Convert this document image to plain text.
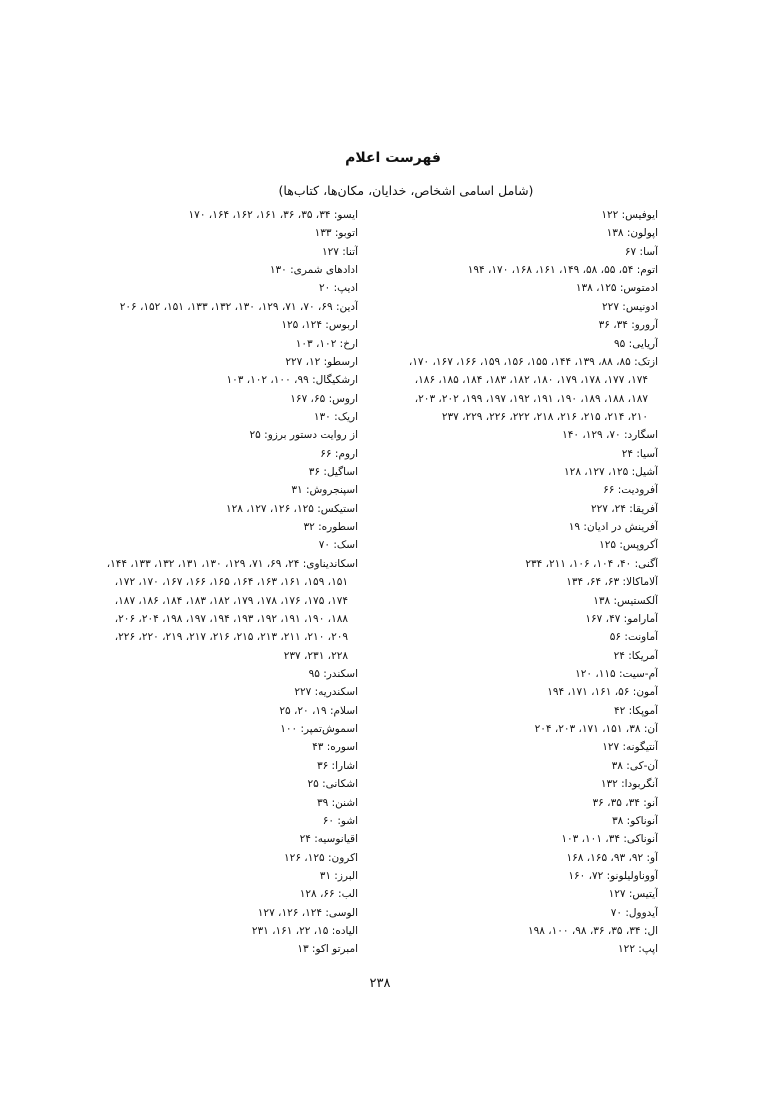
فهرست اعلام
(شامل اسامی اشخاص، خدایان، مکان‌ها، کتاب‌ها)
ایوفیس: ۱۲۲
اپولون: ۱۳۸
آسا: ۶۷
اتوم: ۵۴، ۵۵، ۵۸، ۱۴۹، ۱۶۱، ۱۶۸، ۱۷۰، ۱۹۴
ادمتوس: ۱۲۵، ۱۳۸
ادونیس: ۲۲۷
آرورو: ۳۴، ۳۶
آریایی: ۹۵
ازتک: ۸۵، ۸۸، ۱۳۹، ۱۴۴، ۱۵۵، ۱۵۶، ۱۵۹، ۱۶۶، ۱۶۷، ۱۷۰،
۱۷۴، ۱۷۷، ۱۷۸، ۱۷۹، ۱۸۰، ۱۸۲، ۱۸۳، ۱۸۴، ۱۸۵، ۱۸۶،
۱۸۷، ۱۸۸، ۱۸۹، ۱۹۰، ۱۹۱، ۱۹۲، ۱۹۷، ۱۹۹، ۲۰۲، ۲۰۳،
۲۱۰، ۲۱۴، ۲۱۵، ۲۱۶، ۲۱۸، ۲۲۲، ۲۲۶، ۲۲۹، ۲۳۷
اسگارد: ۷۰، ۱۲۹، ۱۴۰
آسیا: ۲۴
آشیل: ۱۲۵، ۱۲۷، ۱۲۸
آفرودیت: ۶۶
آفریقا: ۲۴، ۲۲۷
آفرینش در ادیان: ۱۹
آکروپس: ۱۲۵
آگنی: ۴۰، ۱۰۴، ۱۰۶، ۲۱۱، ۲۳۴
آلاماکالا: ۶۳، ۶۴، ۱۳۴
آلکستیس: ۱۳۸
آمارامو: ۴۷، ۱۶۷
آماونت: ۵۶
آمریکا: ۲۴
آم-سیت: ۱۱۵، ۱۲۰
آمون: ۵۶، ۱۶۱، ۱۷۱، ۱۹۴
آموپکا: ۴۲
آن: ۳۸، ۱۵۱، ۱۷۱، ۲۰۳، ۲۰۴
آنتیگونه: ۱۲۷
آن-کی: ۳۸
آنگربودا: ۱۳۲
آنو: ۳۴، ۳۵، ۳۶
آنوناکو: ۳۸
آنوناکی: ۳۴، ۱۰۱، ۱۰۳
آو: ۹۲، ۹۳، ۱۶۵، ۱۶۸
آووناولیلونو: ۷۲، ۱۶۰
آیتیس: ۱۲۷
آیدوول: ۷۰
ال: ۳۴، ۳۵، ۳۶، ۹۸، ۱۰۰، ۱۹۸
اپپ: ۱۲۲
ایسو: ۳۴، ۳۵، ۳۶، ۱۶۱، ۱۶۲، ۱۶۴، ۱۷۰
اتوبو: ۱۳۳
آتنا: ۱۲۷
ادادهای شمری: ۱۳۰
ادیپ: ۲۰
آدین: ۶۹، ۷۰، ۷۱، ۱۲۹، ۱۳۰، ۱۳۲، ۱۳۳، ۱۵۱، ۱۵۲، ۲۰۶
اربوس: ۱۲۴، ۱۲۵
ارخ: ۱۰۲، ۱۰۳
ارسطو: ۱۲، ۲۲۷
ارشکیگال: ۹۹، ۱۰۰، ۱۰۲، ۱۰۳
اروس: ۶۵، ۱۶۷
اریک: ۱۳۰
از روایت دستور برزو: ۲۵
اروم: ۶۶
اساگیل: ۳۶
اسپنجروش: ۳۱
استیکس: ۱۲۵، ۱۲۶، ۱۲۷، ۱۲۸
اسطوره: ۳۲
اسک: ۷۰
اسکاندیناوی: ۲۴، ۶۹، ۷۱، ۱۲۹، ۱۳۰، ۱۳۱، ۱۳۲، ۱۳۳، ۱۴۴،
۱۵۱، ۱۵۹، ۱۶۱، ۱۶۳، ۱۶۴، ۱۶۵، ۱۶۶، ۱۶۷، ۱۷۰، ۱۷۲،
۱۷۴، ۱۷۵، ۱۷۶، ۱۷۸، ۱۷۹، ۱۸۲، ۱۸۳، ۱۸۴، ۱۸۶، ۱۸۷،
۱۸۸، ۱۹۰، ۱۹۱، ۱۹۲، ۱۹۳، ۱۹۴، ۱۹۷، ۱۹۸، ۲۰۴، ۲۰۶،
۲۰۹، ۲۱۰، ۲۱۱، ۲۱۳، ۲۱۵، ۲۱۶، ۲۱۷، ۲۱۹، ۲۲۰، ۲۲۶،
۲۲۸، ۲۳۱، ۲۳۷
اسکندر: ۹۵
اسکندریه: ۲۲۷
اسلام: ۱۹، ۲۰، ۲۵
اسموش‌تمپر: ۱۰۰
اسوره: ۴۳
اشارا: ۳۶
اشکانی: ۲۵
اشنن: ۳۹
اشو: ۶۰
اقیانوسیه: ۲۴
اکرون: ۱۲۵، ۱۲۶
البرز: ۳۱
الب: ۶۶، ۱۲۸
الوسی: ۱۲۴، ۱۲۶، ۱۲۷
الیاده: ۱۵، ۲۲، ۱۶۱، ۲۳۱
امبرتو اکو: ۱۳
۲۳۸
